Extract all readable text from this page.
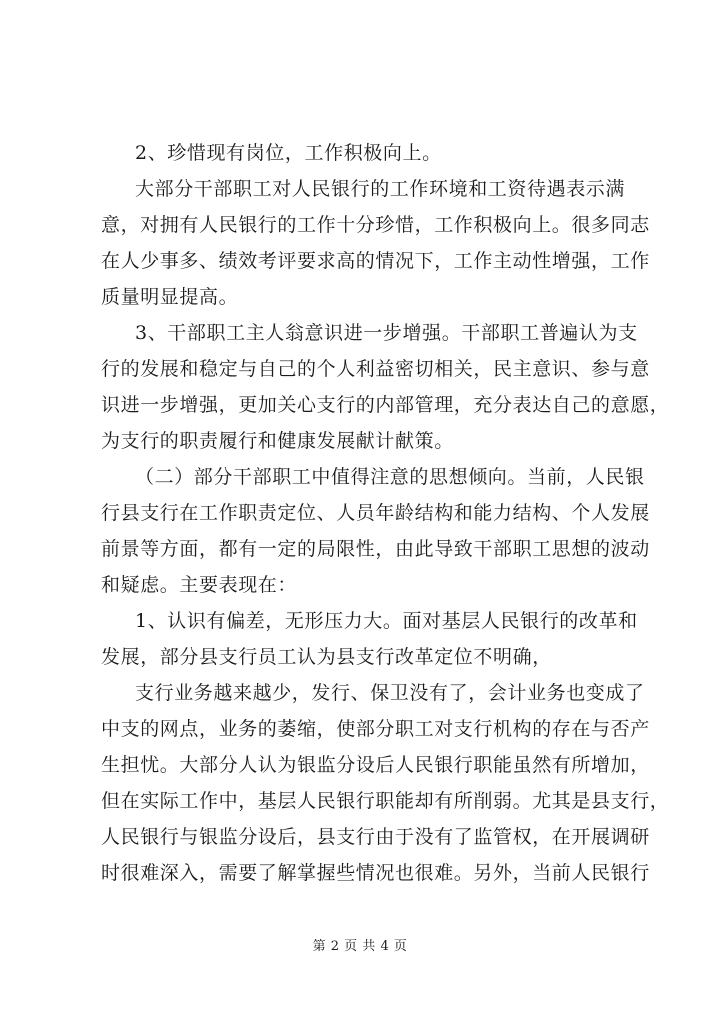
2、珍惜现有岗位，工作积极向上。
大部分干部职工对人民银行的工作环境和工资待遇表示满
意，对拥有人民银行的工作十分珍惜，工作积极向上。很多同志
在人少事多、绩效考评要求高的情况下，工作主动性增强，工作
质量明显提高。
3、干部职工主人翁意识进一步增强。干部职工普遍认为支
行的发展和稳定与自己的个人利益密切相关，民主意识、参与意
识进一步增强，更加关心支行的内部管理，充分表达自己的意愿，
为支行的职责履行和健康发展献计献策。
（二）部分干部职工中值得注意的思想倾向。当前，人民银
行县支行在工作职责定位、人员年龄结构和能力结构、个人发展
前景等方面，都有一定的局限性，由此导致干部职工思想的波动
和疑虑。主要表现在：
1、认识有偏差，无形压力大。面对基层人民银行的改革和
发展，部分县支行员工认为县支行改革定位不明确，
支行业务越来越少，发行、保卫没有了，会计业务也变成了
中支的网点，业务的萎缩，使部分职工对支行机构的存在与否产
生担忧。大部分人认为银监分设后人民银行职能虽然有所增加，
但在实际工作中，基层人民银行职能却有所削弱。尤其是县支行，
人民银行与银监分设后，县支行由于没有了监管权，在开展调研
时很难深入，需要了解掌握些情况也很难。另外，当前人民银行
第 2 页 共 4 页
